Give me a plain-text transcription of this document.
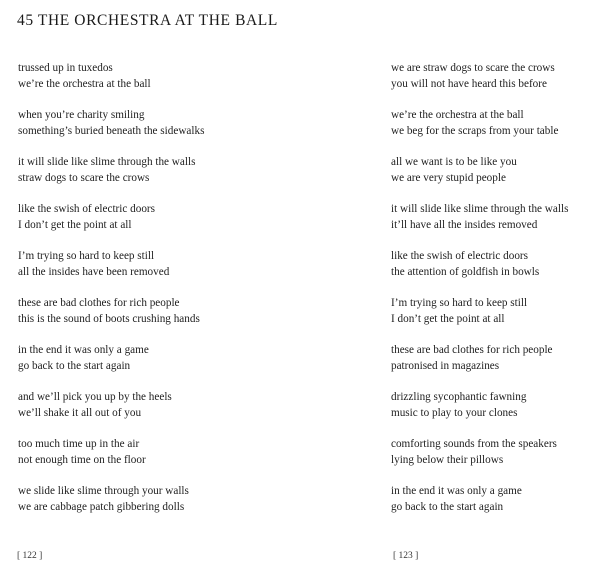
45 THE ORCHESTRA AT THE BALL
trussed up in tuxedos
we’re the orchestra at the ball
when you’re charity smiling
something’s buried beneath the sidewalks
it will slide like slime through the walls
straw dogs to scare the crows
like the swish of electric doors
I don’t get the point at all
I’m trying so hard to keep still
all the insides have been removed
these are bad clothes for rich people
this is the sound of boots crushing hands
in the end it was only a game
go back to the start again
and we’ll pick you up by the heels
we’ll shake it all out of you
too much time up in the air
not enough time on the floor
we slide like slime through your walls
we are cabbage patch gibbering dolls
we are straw dogs to scare the crows
you will not have heard this before
we’re the orchestra at the ball
we beg for the scraps from your table
all we want is to be like you
we are very stupid people
it will slide like slime through the walls
it’ll have all the insides removed
like the swish of electric doors
the attention of goldfish in bowls
I’m trying so hard to keep still
I don’t get the point at all
these are bad clothes for rich people
patronised in magazines
drizzling sycophantic fawning
music to play to your clones
comforting sounds from the speakers
lying below their pillows
in the end it was only a game
go back to the start again
[ 122 ]	[ 123 ]
